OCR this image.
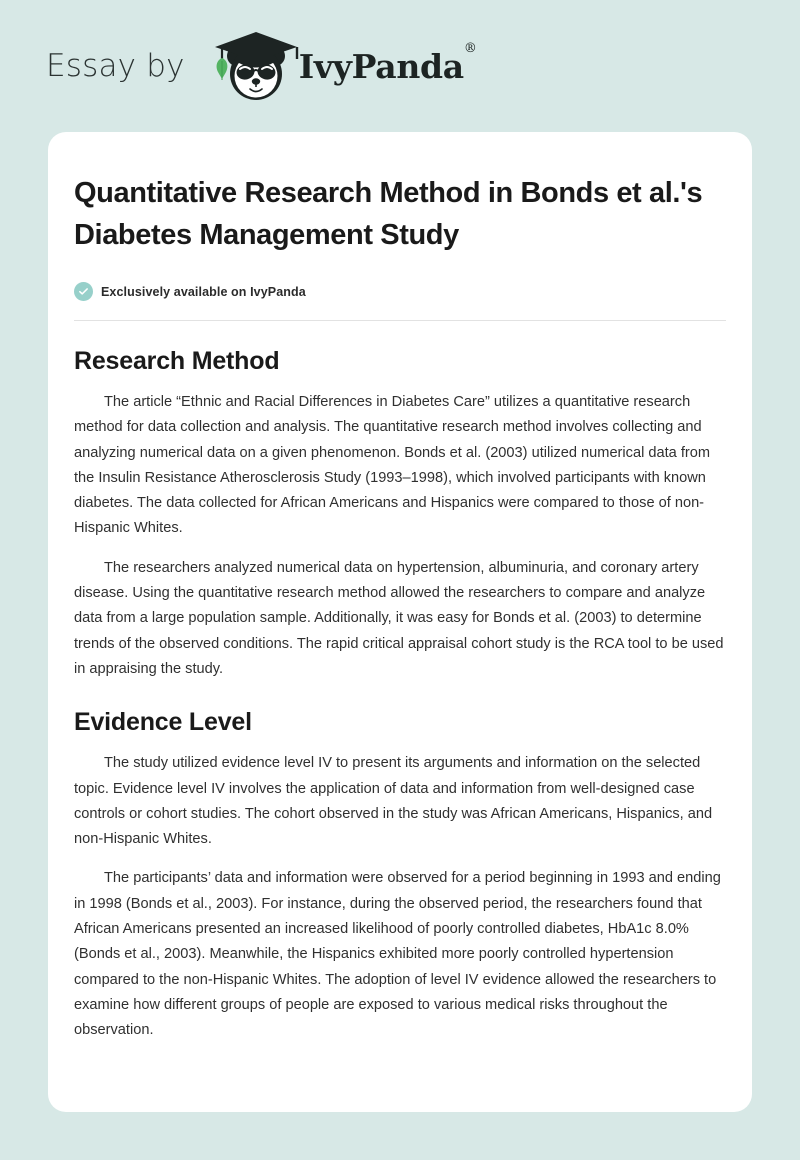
Essay by	IvyPanda®
Quantitative Research Method in Bonds et al.'s Diabetes Management Study
Exclusively available on IvyPanda
Research Method

The article “Ethnic and Racial Differences in Diabetes Care” utilizes a quantitative research method for data collection and analysis. The quantitative research method involves collecting and analyzing numerical data on a given phenomenon. Bonds et al. (2003) utilized numerical data from the Insulin Resistance Atherosclerosis Study (1993–1998), which involved participants with known diabetes. The data collected for African Americans and Hispanics were compared to those of non-Hispanic Whites.

The researchers analyzed numerical data on hypertension, albuminuria, and coronary artery disease. Using the quantitative research method allowed the researchers to compare and analyze data from a large population sample. Additionally, it was easy for Bonds et al. (2003) to determine trends of the observed conditions. The rapid critical appraisal cohort study is the RCA tool to be used in appraising the study.

Evidence Level

The study utilized evidence level IV to present its arguments and information on the selected topic. Evidence level IV involves the application of data and information from well-designed case controls or cohort studies. The cohort observed in the study was African Americans, Hispanics, and non-Hispanic Whites.

The participants’ data and information were observed for a period beginning in 1993 and ending in 1998 (Bonds et al., 2003). For instance, during the observed period, the researchers found that African Americans presented an increased likelihood of poorly controlled diabetes, HbA1c 8.0% (Bonds et al., 2003). Meanwhile, the Hispanics exhibited more poorly controlled hypertension compared to the non-Hispanic Whites. The adoption of level IV evidence allowed the researchers to examine how different groups of people are exposed to various medical risks throughout the observation.
